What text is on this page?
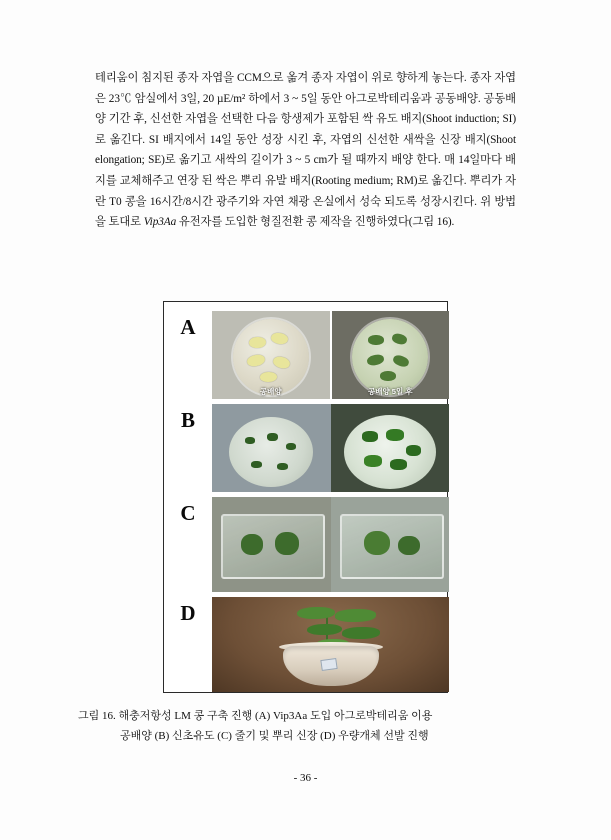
테리움이 침지된 종자 자엽을 CCM으로 옮겨 종자 자엽이 위로 향하게 놓는다. 종자 자엽은 23℃ 암실에서 3일, 20 µE/m² 하에서 3 ~ 5일 동안 아그로박테리움과 공동배양. 공동배양 기간 후, 신선한 자엽을 선택한 다음 항생제가 포함된 싹 유도 배지(Shoot induction; SI)로 옮긴다. SI 배지에서 14일 동안 성장 시킨 후, 자엽의 신선한 새싹을 신장 배지(Shoot elongation; SE)로 옮기고 새싹의 길이가 3 ~ 5 cm가 될 때까지 배양 한다. 매 14일마다 배지를 교체해주고 연장 된 싹은 뿌리 유발 배지(Rooting medium; RM)로 옮긴다. 뿌리가 자란 T0 콩을 16시간/8시간 광주기와 자연 채광 온실에서 성숙 되도록 성장시킨다. 위 방법을 토대로 Vip3Aa 유전자를 도입한 형질전환 콩 제작을 진행하였다(그림 16).

A
공배양	공배양 5일 후
B
C
D
그림 16. 해충저항성 LM 콩 구축 진행 (A) Vip3Aa 도입 아그로박테리움 이용
공배양 (B) 신초유도 (C) 줄기 및 뿌리 신장 (D) 우량개체 선발 진행
- 36 -
